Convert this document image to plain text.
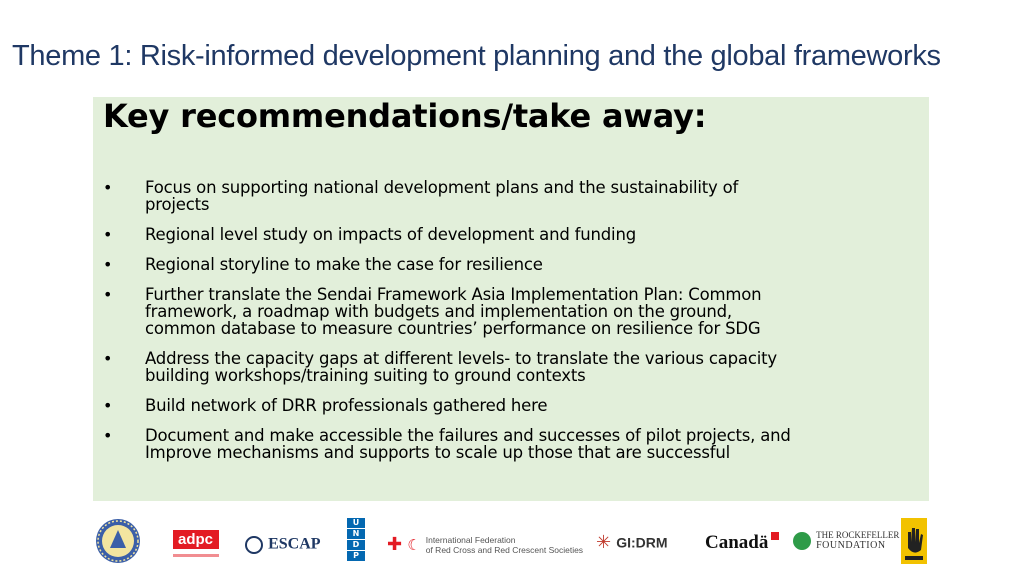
Theme 1: Risk-informed development planning and the global frameworks
Key recommendations/take away:
• Focus on supporting national development plans and the sustainability of
projects
• Regional level study on impacts of development and funding
• Regional storyline to make the case for resilience
• Further translate the Sendai Framework Asia Implementation Plan: Common
framework, a roadmap with budgets and implementation on the ground,
common database to measure countries’ performance on resilience for SDG
• Address the capacity gaps at different levels- to translate the various capacity
building workshops/training suiting to ground contexts
• Build network of DRR professionals gathered here
• Document and make accessible the failures and successes of pilot projects, and
Improve mechanisms and supports to scale up those that are successful
adpc	ESCAP
U
N
D
P
✚ ☾ International Federation
of Red Cross and Red Crescent Societies ✳ GI:DRM Canadä
	THE ROCKEFELLER
FOUNDATION
